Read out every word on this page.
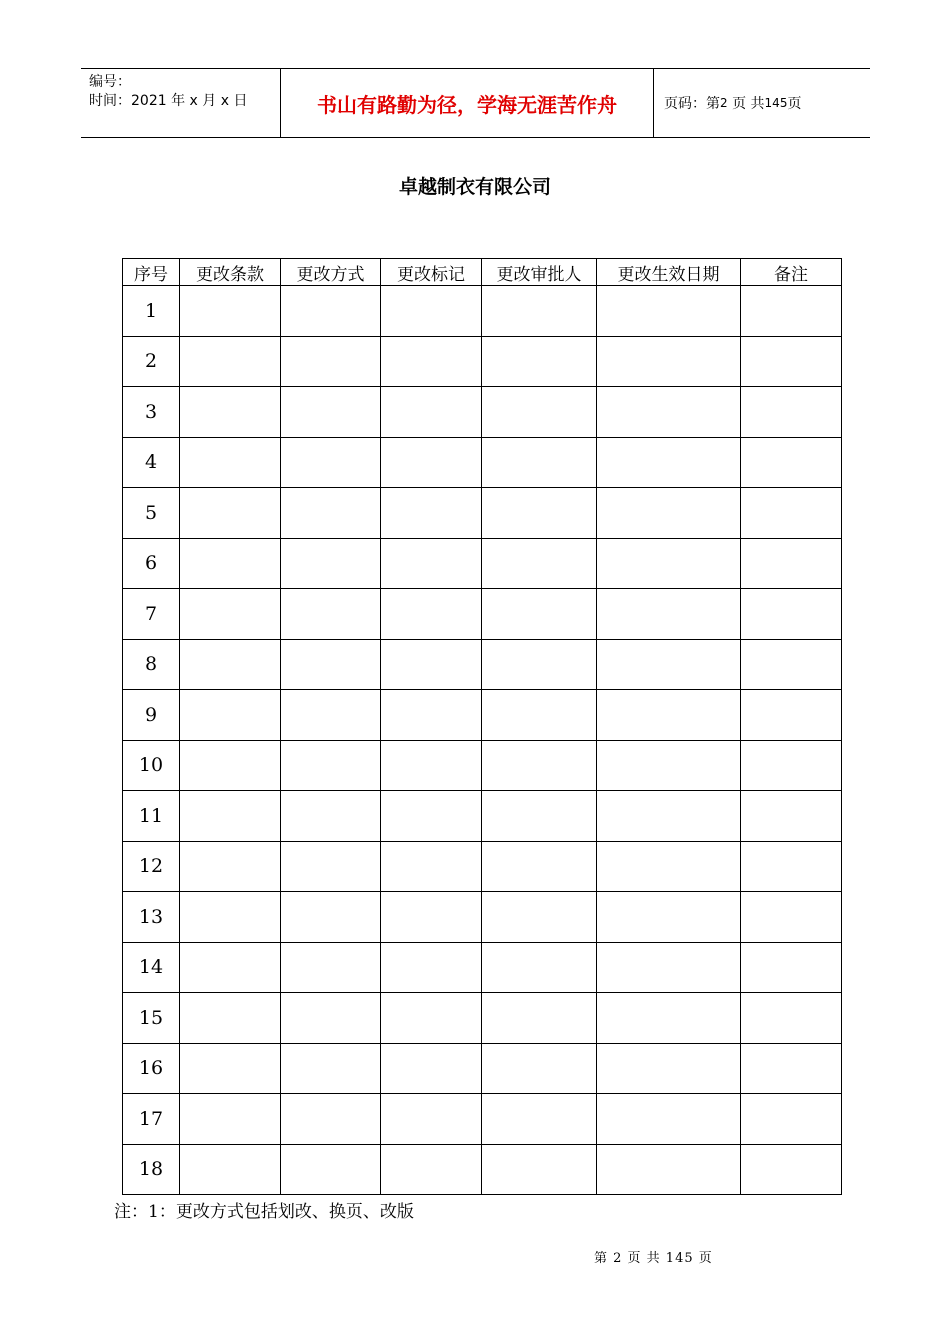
编号：
时间：2021 年 x 月 x 日	书山有路勤为径，学海无涯苦作舟	页码：第 2
页 共 145 页
卓越制衣有限公司
序号	更改条款	更改方式	更改标记	更改审批人	更改生效日期	备注
1						
2						
3						
4						
5						
6						
7						
8						
9						
10						
11						
12						
13						
14						
15						
16						
17						
18						
注：1：更改方式包括划改、换页、改版
第 2 页 共 145 页
